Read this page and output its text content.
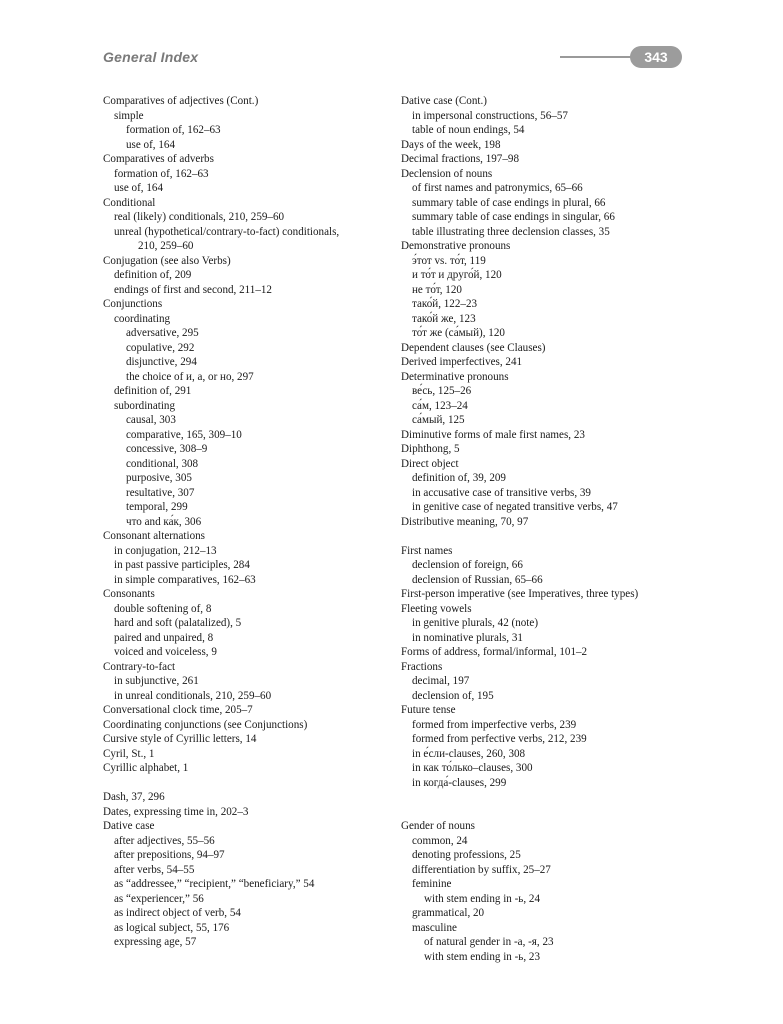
General Index	343
Comparatives of adjectives (Cont.)
simple
formation of, 162–63
use of, 164
Comparatives of adverbs
formation of, 162–63
use of, 164
Conditional
real (likely) conditionals, 210, 259–60
unreal (hypothetical/contrary-to-fact) conditionals,
210, 259–60
Conjugation (see also Verbs)
definition of, 209
endings of first and second, 211–12
Conjunctions
coordinating
adversative, 295
copulative, 292
disjunctive, 294
the choice of и, а, or но, 297
definition of, 291
subordinating
causal, 303
comparative, 165, 309–10
concessive, 308–9
conditional, 308
purposive, 305
resultative, 307
temporal, 299
что and ка́к, 306
Consonant alternations
in conjugation, 212–13
in past passive participles, 284
in simple comparatives, 162–63
Consonants
double softening of, 8
hard and soft (palatalized), 5
paired and unpaired, 8
voiced and voiceless, 9
Contrary-to-fact
in subjunctive, 261
in unreal conditionals, 210, 259–60
Conversational clock time, 205–7
Coordinating conjunctions (see Conjunctions)
Cursive style of Cyrillic letters, 14
Cyril, St., 1
Cyrillic alphabet, 1
Dash, 37, 296
Dates, expressing time in, 202–3
Dative case
after adjectives, 55–56
after prepositions, 94–97
after verbs, 54–55
as “addressee,” “recipient,” “beneficiary,” 54
as “experiencer,” 56
as indirect object of verb, 54
as logical subject, 55, 176
expressing age, 57
Dative case (Cont.)
in impersonal constructions, 56–57
table of noun endings, 54
Days of the week, 198
Decimal fractions, 197–98
Declension of nouns
of first names and patronymics, 65–66
summary table of case endings in plural, 66
summary table of case endings in singular, 66
table illustrating three declension classes, 35
Demonstrative pronouns
э́тот vs. то́т, 119
и то́т и друго́й, 120
не то́т, 120
тако́й, 122–23
тако́й же, 123
то́т же (са́мый), 120
Dependent clauses (see Clauses)
Derived imperfectives, 241
Determinative pronouns
ве́сь, 125–26
са́м, 123–24
са́мый, 125
Diminutive forms of male first names, 23
Diphthong, 5
Direct object
definition of, 39, 209
in accusative case of transitive verbs, 39
in genitive case of negated transitive verbs, 47
Distributive meaning, 70, 97
First names
declension of foreign, 66
declension of Russian, 65–66
First-person imperative (see Imperatives, three types)
Fleeting vowels
in genitive plurals, 42 (note)
in nominative plurals, 31
Forms of address, formal/informal, 101–2
Fractions
decimal, 197
declension of, 195
Future tense
formed from imperfective verbs, 239
formed from perfective verbs, 212, 239
in е́сли-clauses, 260, 308
in как то́лько–clauses, 300
in когда́-clauses, 299
Gender of nouns
common, 24
denoting professions, 25
differentiation by suffix, 25–27
feminine
with stem ending in -ь, 24
grammatical, 20
masculine
of natural gender in -а, -я, 23
with stem ending in -ь, 23
